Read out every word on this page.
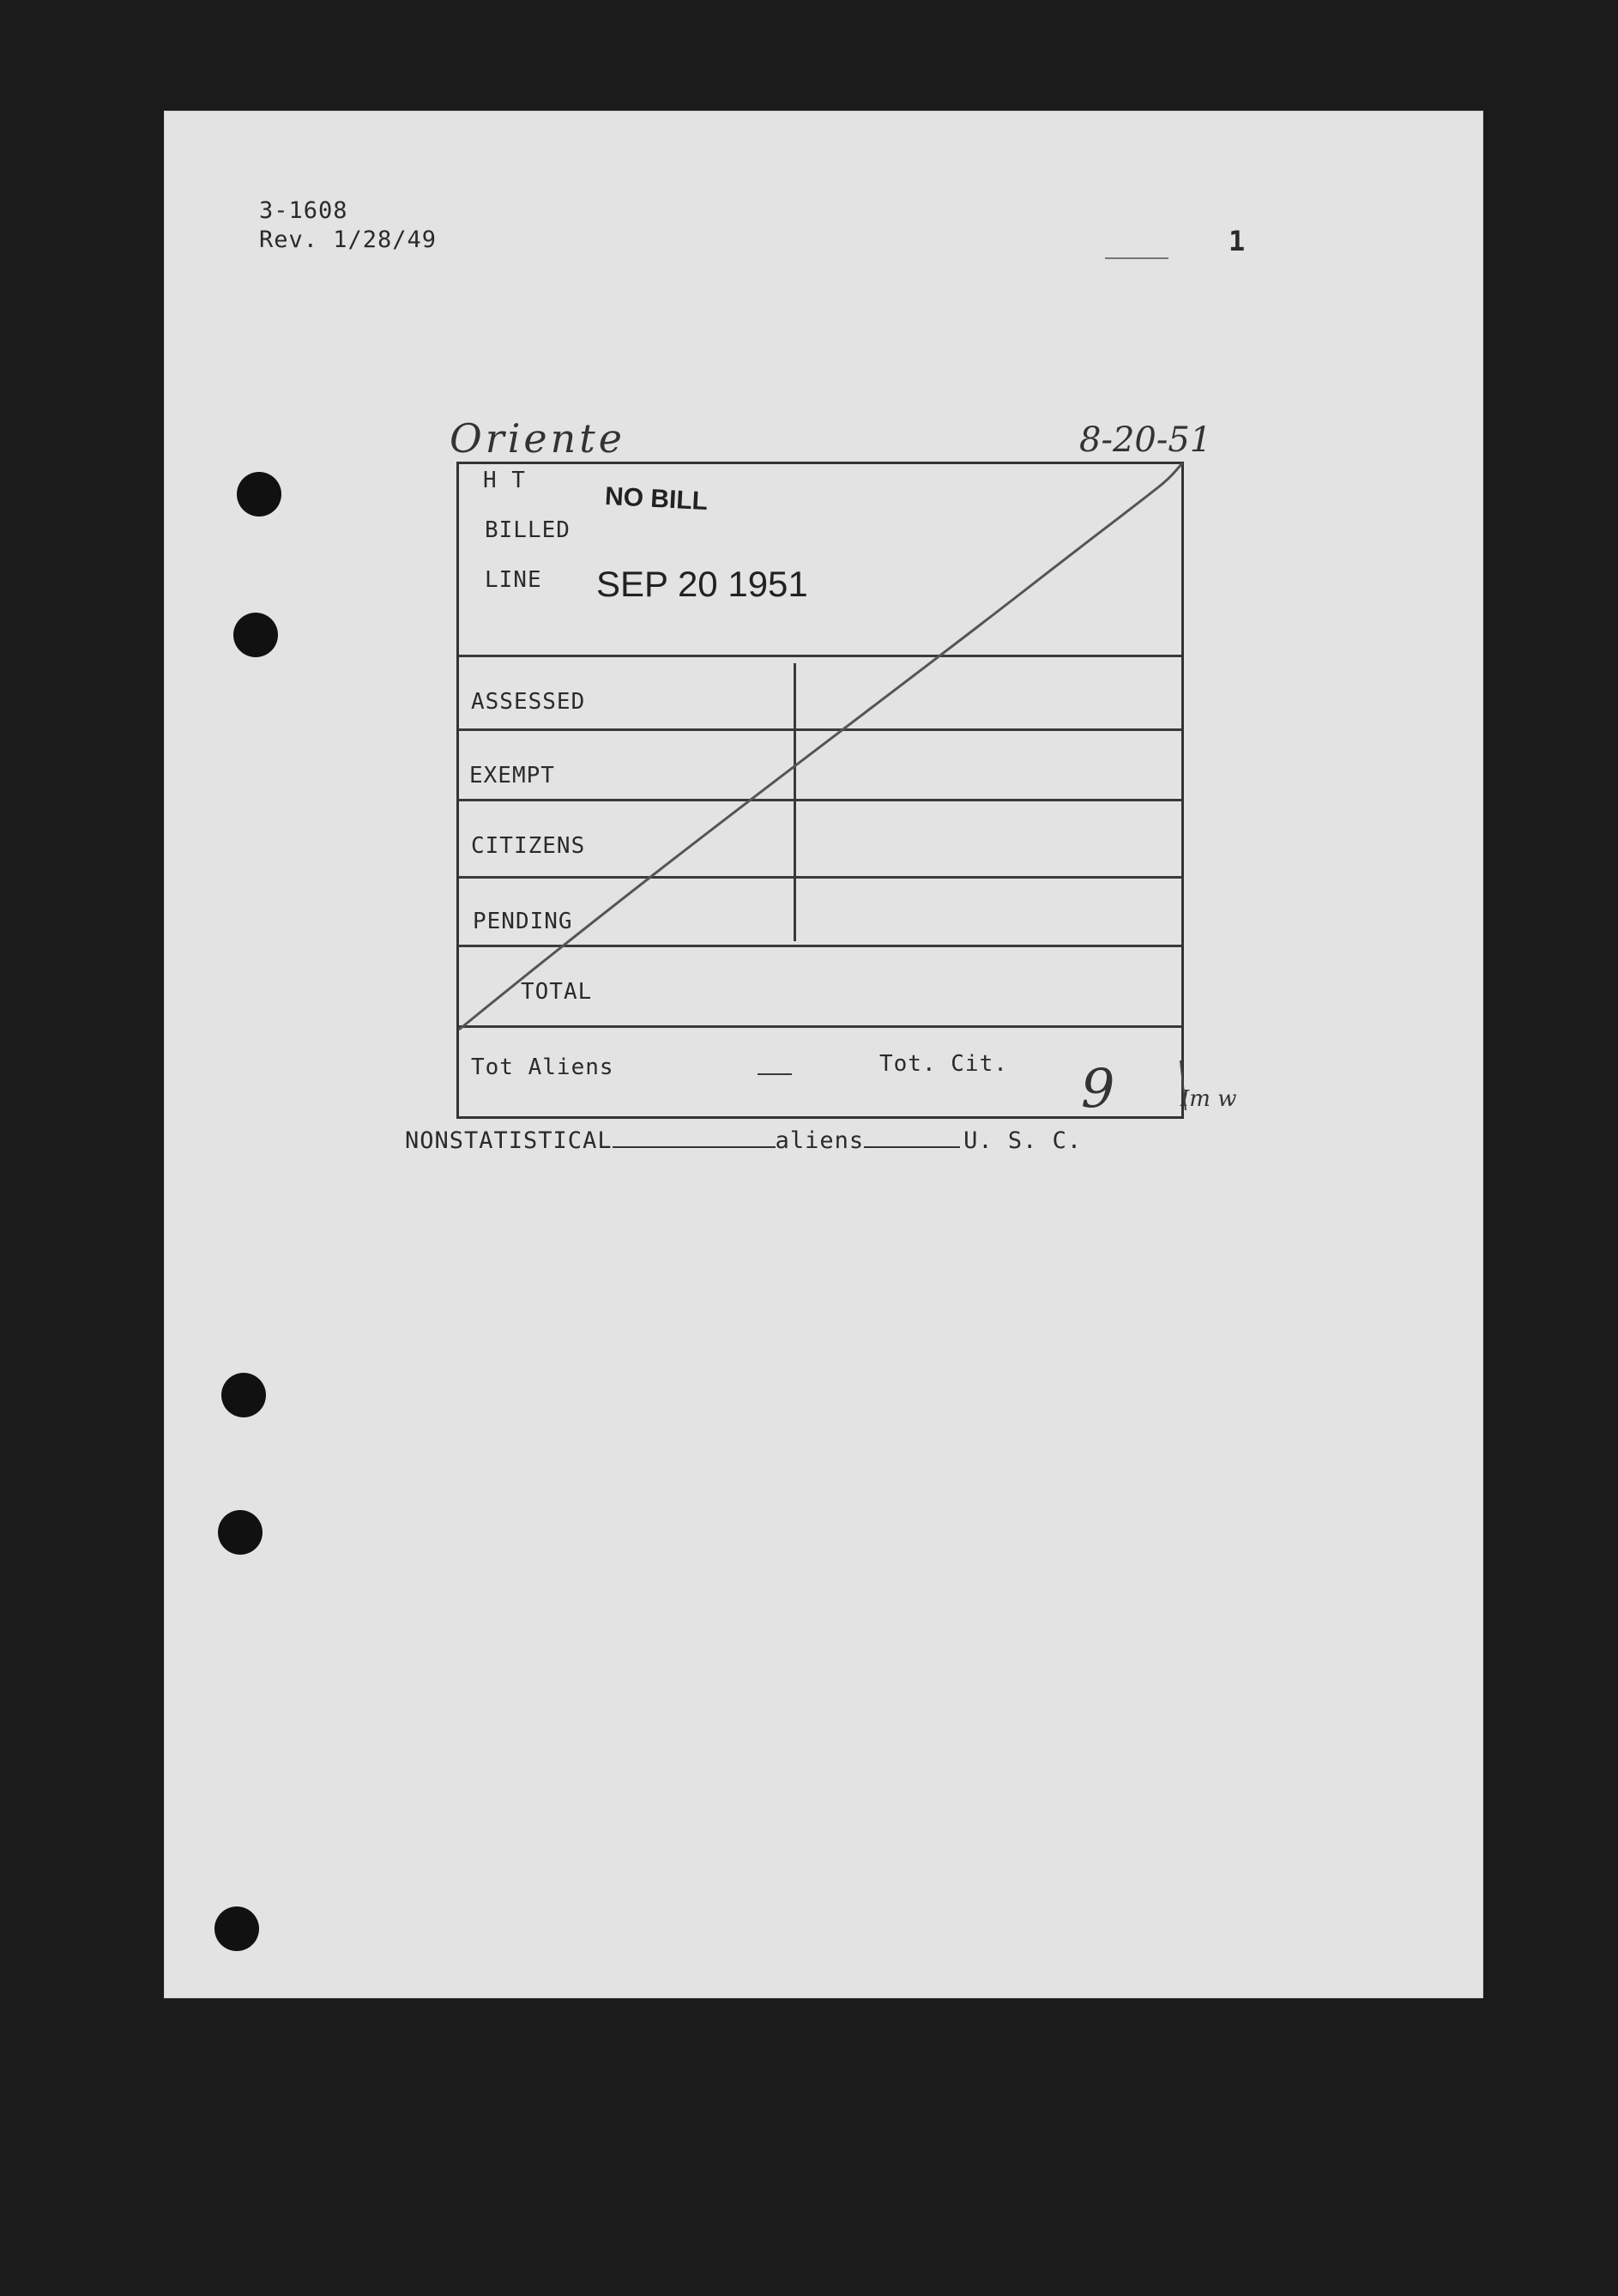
3-1608
Rev. 1/28/49	1
Oriente	8-20-51
9	Im w
H T
BILLED
LINE
NO BILL
SEP 20 1951
ASSESSED
EXEMPT
CITIZENS
PENDING
TOTAL
Tot Aliens	Tot. Cit.
NONSTATISTICAL	aliens	U. S. C.
